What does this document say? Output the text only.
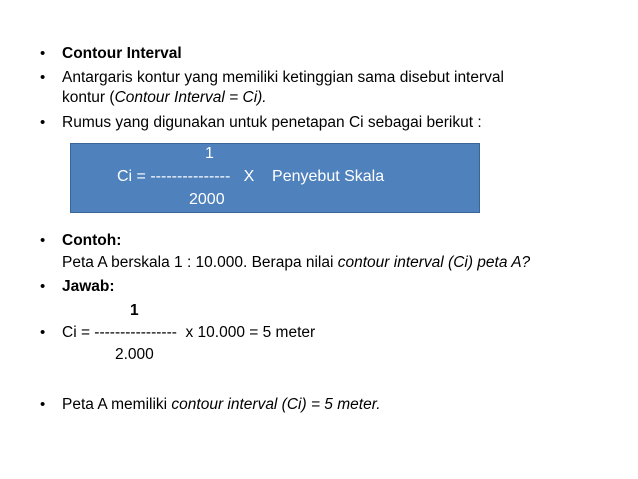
• Contour Interval
• Antargaris kontur yang memiliki ketinggian sama disebut interval
kontur (Contour Interval = Ci).
• Rumus yang digunakan untuk penetapan Ci sebagai berikut :
1
Ci = ---------------   X    Penyebut Skala
2000
• Contoh:
Peta A berskala 1 : 10.000. Berapa nilai contour interval (Ci) peta A?
• Jawab:
1
• Ci = ----------------  x 10.000 = 5 meter
2.000
• Peta A memiliki contour interval (Ci) = 5 meter.
